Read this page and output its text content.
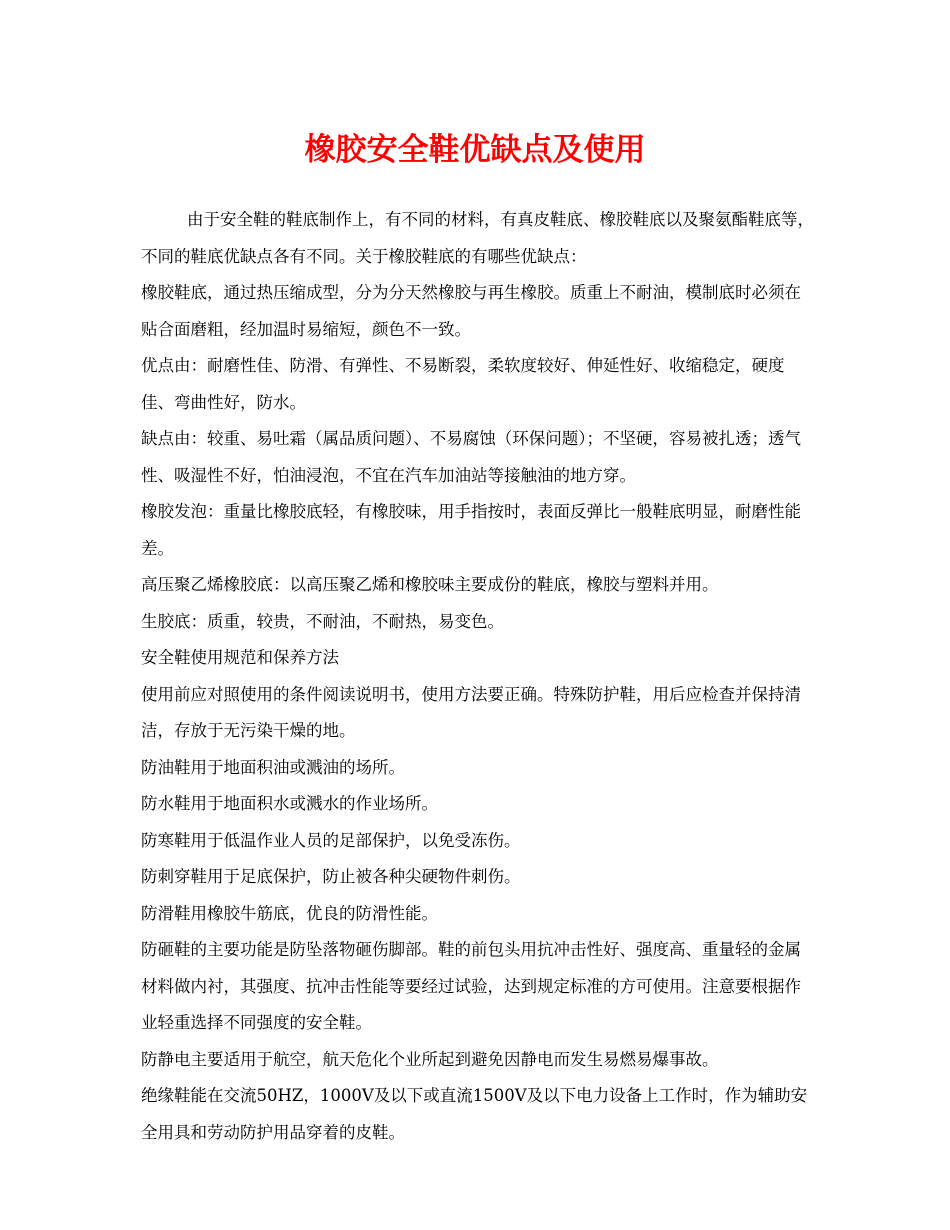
橡胶安全鞋优缺点及使用

由于安全鞋的鞋底制作上，有不同的材料，有真皮鞋底、橡胶鞋底以及聚氨酯鞋底等，不同的鞋底优缺点各有不同。关于橡胶鞋底的有哪些优缺点：

橡胶鞋底，通过热压缩成型，分为分天然橡胶与再生橡胶。质重上不耐油，模制底时必须在贴合面磨粗，经加温时易缩短，颜色不一致。

优点由：耐磨性佳、防滑、有弹性、不易断裂，柔软度较好、伸延性好、收缩稳定，硬度佳、弯曲性好，防水。

缺点由：较重、易吐霜（属品质问题）、不易腐蚀（环保问题）；不坚硬，容易被扎透；透气性、吸湿性不好，怕油浸泡，不宜在汽车加油站等接触油的地方穿。

橡胶发泡：重量比橡胶底轻，有橡胶味，用手指按时，表面反弹比一般鞋底明显，耐磨性能差。

高压聚乙烯橡胶底：以高压聚乙烯和橡胶味主要成份的鞋底，橡胶与塑料并用。

生胶底：质重，较贵，不耐油，不耐热，易变色。

安全鞋使用规范和保养方法

使用前应对照使用的条件阅读说明书，使用方法要正确。特殊防护鞋，用后应检查并保持清洁，存放于无污染干燥的地。

防油鞋用于地面积油或溅油的场所。

防水鞋用于地面积水或溅水的作业场所。

防寒鞋用于低温作业人员的足部保护，以免受冻伤。

防刺穿鞋用于足底保护，防止被各种尖硬物件刺伤。

防滑鞋用橡胶牛筋底，优良的防滑性能。

防砸鞋的主要功能是防坠落物砸伤脚部。鞋的前包头用抗冲击性好、强度高、重量轻的金属材料做内衬，其强度、抗冲击性能等要经过试验，达到规定标准的方可使用。注意要根据作业轻重选择不同强度的安全鞋。

防静电主要适用于航空，航天危化个业所起到避免因静电而发生易燃易爆事故。

绝缘鞋能在交流50HZ，1000V及以下或直流1500V及以下电力设备上工作时，作为辅助安全用具和劳动防护用品穿着的皮鞋。
